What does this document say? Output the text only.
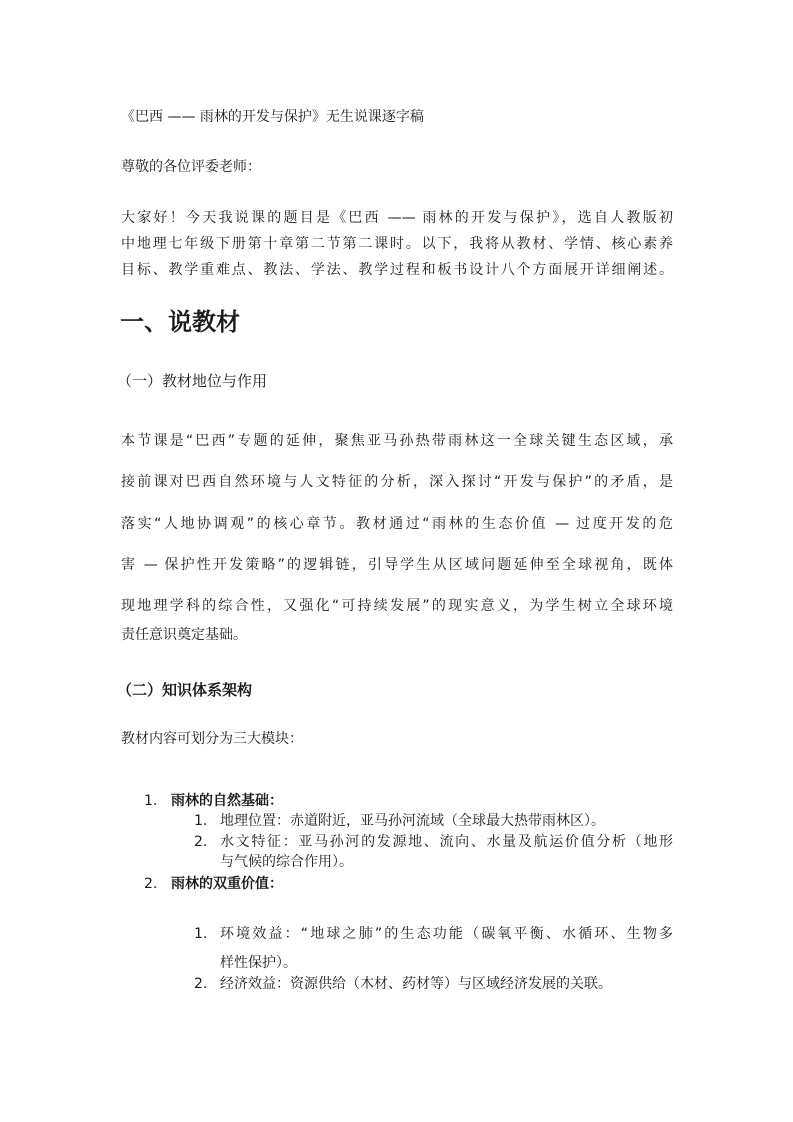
《巴西 —— 雨林的开发与保护》无生说课逐字稿
尊敬的各位评委老师：
大家好！今天我说课的题目是《巴西 —— 雨林的开发与保护》，选自人教版初
中地理七年级下册第十章第二节第二课时。以下，我将从教材、学情、核心素养
目标、教学重难点、教法、学法、教学过程和板书设计八个方面展开详细阐述。
一、说教材
（一）教材地位与作用
本节课是“巴西”专题的延伸，聚焦亚马孙热带雨林这一全球关键生态区域，承
接前课对巴西自然环境与人文特征的分析，深入探讨“开发与保护”的矛盾，是
落实“人地协调观”的核心章节。教材通过“雨林的生态价值 — 过度开发的危
害 — 保护性开发策略”的逻辑链，引导学生从区域问题延伸至全球视角，既体
现地理学科的综合性，又强化“可持续发展”的现实意义，为学生树立全球环境
责任意识奠定基础。
（二）知识体系架构
教材内容可划分为三大模块：
1. 雨林的自然基础：
1. 地理位置：赤道附近，亚马孙河流域（全球最大热带雨林区）。
2. 水文特征：亚马孙河的发源地、流向、水量及航运价值分析（地形
与气候的综合作用）。
2. 雨林的双重价值：
1. 环境效益：“地球之肺”的生态功能（碳氧平衡、水循环、生物多
样性保护）。
2. 经济效益：资源供给（木材、药材等）与区域经济发展的关联。
